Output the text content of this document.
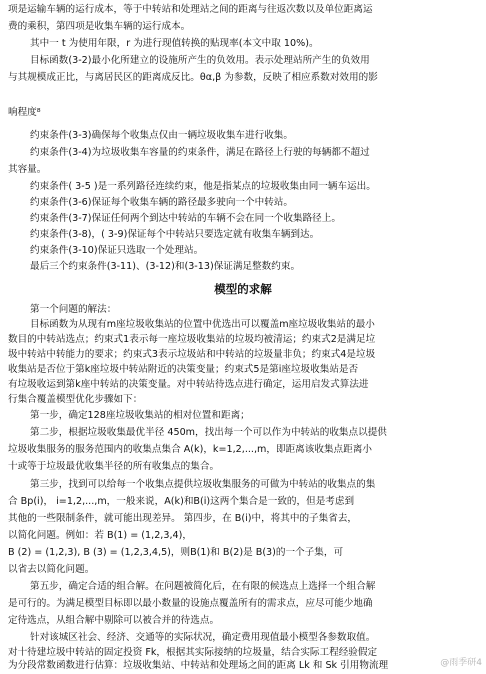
项是运输车辆的运行成本，等于中转站和处理站之间的距离与往返次数以及单位距离运
费的乘积，第四项是收集车辆的运行成本。
其中一 t 为使用年限，r 为进行现值转换的贴现率(本文中取 10%)。
目标函数(3-2)最小化所建立的设施所产生的负效用。表示处理站所产生的负效用
与其规模成正比，与离居民区的距离成反比。θα,β 为参数，反映了相应系数对效用的影
响程度⁸
约束条件(3-3)确保每个收集点仅由一辆垃圾收集车进行收集。
约束条件(3-4)为垃圾收集车容量的约束条件，满足在路径上行驶的每辆都不超过
其容量。
约束条件( 3-5 )是一系列路径连续约束，他是指某点的垃圾收集由同一辆车运出。
约束条件(3-6)保证每个收集车辆的路径最多驶向一个中转站。
约束条件(3-7)保证任何两个到达中转站的车辆不会在同一个收集路径上。
约束条件(3-8)，( 3-9)保证每个中转站只要选定就有收集车辆到达。
约束条件(3-10)保证只选取一个处理站。
最后三个约束条件(3-11)、(3-12)和(3-13)保证满足整数约束。
模型的求解
第一个问题的解法：
目标函数为从现有m座垃圾收集站的位置中优选出可以覆盖m座垃圾收集站的最小
数目的中转站选点；约束式1表示每一座垃圾收集站的垃圾均被清运；约束式2是满足垃
圾中转站中转能力的要求；约束式3表示垃圾站和中转站的垃圾量非负；约束式4是垃圾
收集站是否位于第k座垃圾中转站附近的决策变量；约束式5是第i座垃圾收集站是否
有垃圾收运到第k座中转站的决策变量。对中转站待选点进行确定，运用启发式算法进
行集合覆盖模型优化步骤如下：
第一步，确定128座垃圾收集站的相对位置和距离；
第二步，根据垃圾收集最优半径 450m，找出每一个可以作为中转站的收集点以提供
垃圾收集服务的服务范围内的收集点集合 A(k)，k=1,2,...,m，即距离该收集点距离小
十或等于垃圾最优收集半径的所有收集点的集合。
第三步，找到可以给每一个收集点提供垃圾收集服务的可做为中转站的收集点的集
合 Bp(i)， i=1,2,...,m，一般来说，A(k)和B(i)这两个集合是一致的，但是考虑到
其他的一些限制条件，就可能出现差异。 第四步，在 B(i)中，将其中的子集省去，
以简化问题。例如：若 B(1) = (1,2,3,4)，
B (2) = (1,2,3), B (3) = (1,2,3,4,5)，则B(1)和 B(2)是 B(3)的一个子集，可
以省去以简化问题。
第五步，确定合适的组合解。在问题被简化后，在有限的候选点上选择一个组合解
是可行的。为满足模型目标即以最小数量的设施点覆盖所有的需求点，应尽可能少地确
定待选点，从组合解中剔除可以被合并的待选点。
针对该城区社会、经济、交通等的实际状况，确定费用现值最小模型各参数取值。
对十待建垃圾中转站的固定投资 Fk，根据其实际接纳的垃圾量，结合实际工程经验假定
为分段常数函数进行估算：垃圾收集站、中转站和处理场之间的距离 Lk 和 Sk 引用物流理	@雨季研4
